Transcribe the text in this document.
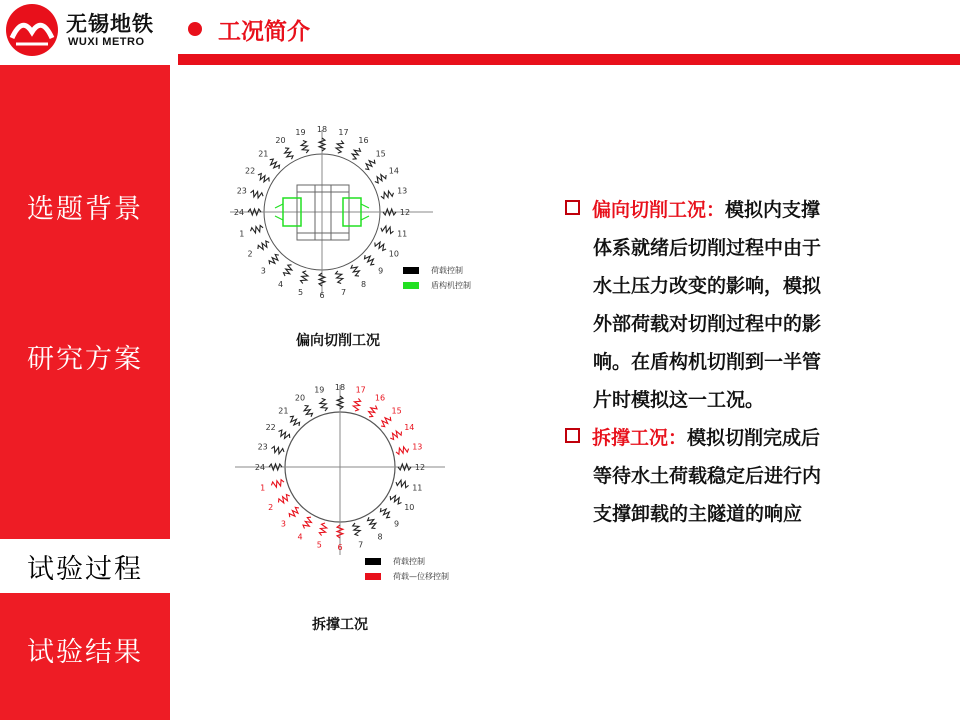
无锡地铁
WUXI METRO	工况简介
选题背景
研究方案
试验过程
试验结果
1
2
3
4
5 6 7
8
9
10
11
12
13
14
15
16
17
18
19
20
21
22
23
24
荷载控制
盾构机控制
偏向切削工况
1
2
3
4
5 6 7
8
9
10
11
12
13
14
15
16
17
18
19
20
21
22
23
24
荷载控制
荷载—位移控制
拆撑工况
偏向切削工况：模拟内支撑
体系就绪后切削过程中由于
水土压力改变的影响，模拟
外部荷载对切削过程中的影
响。在盾构机切削到一半管
片时模拟这一工况。
拆撑工况：模拟切削完成后
等待水土荷载稳定后进行内
支撑卸载的主隧道的响应
